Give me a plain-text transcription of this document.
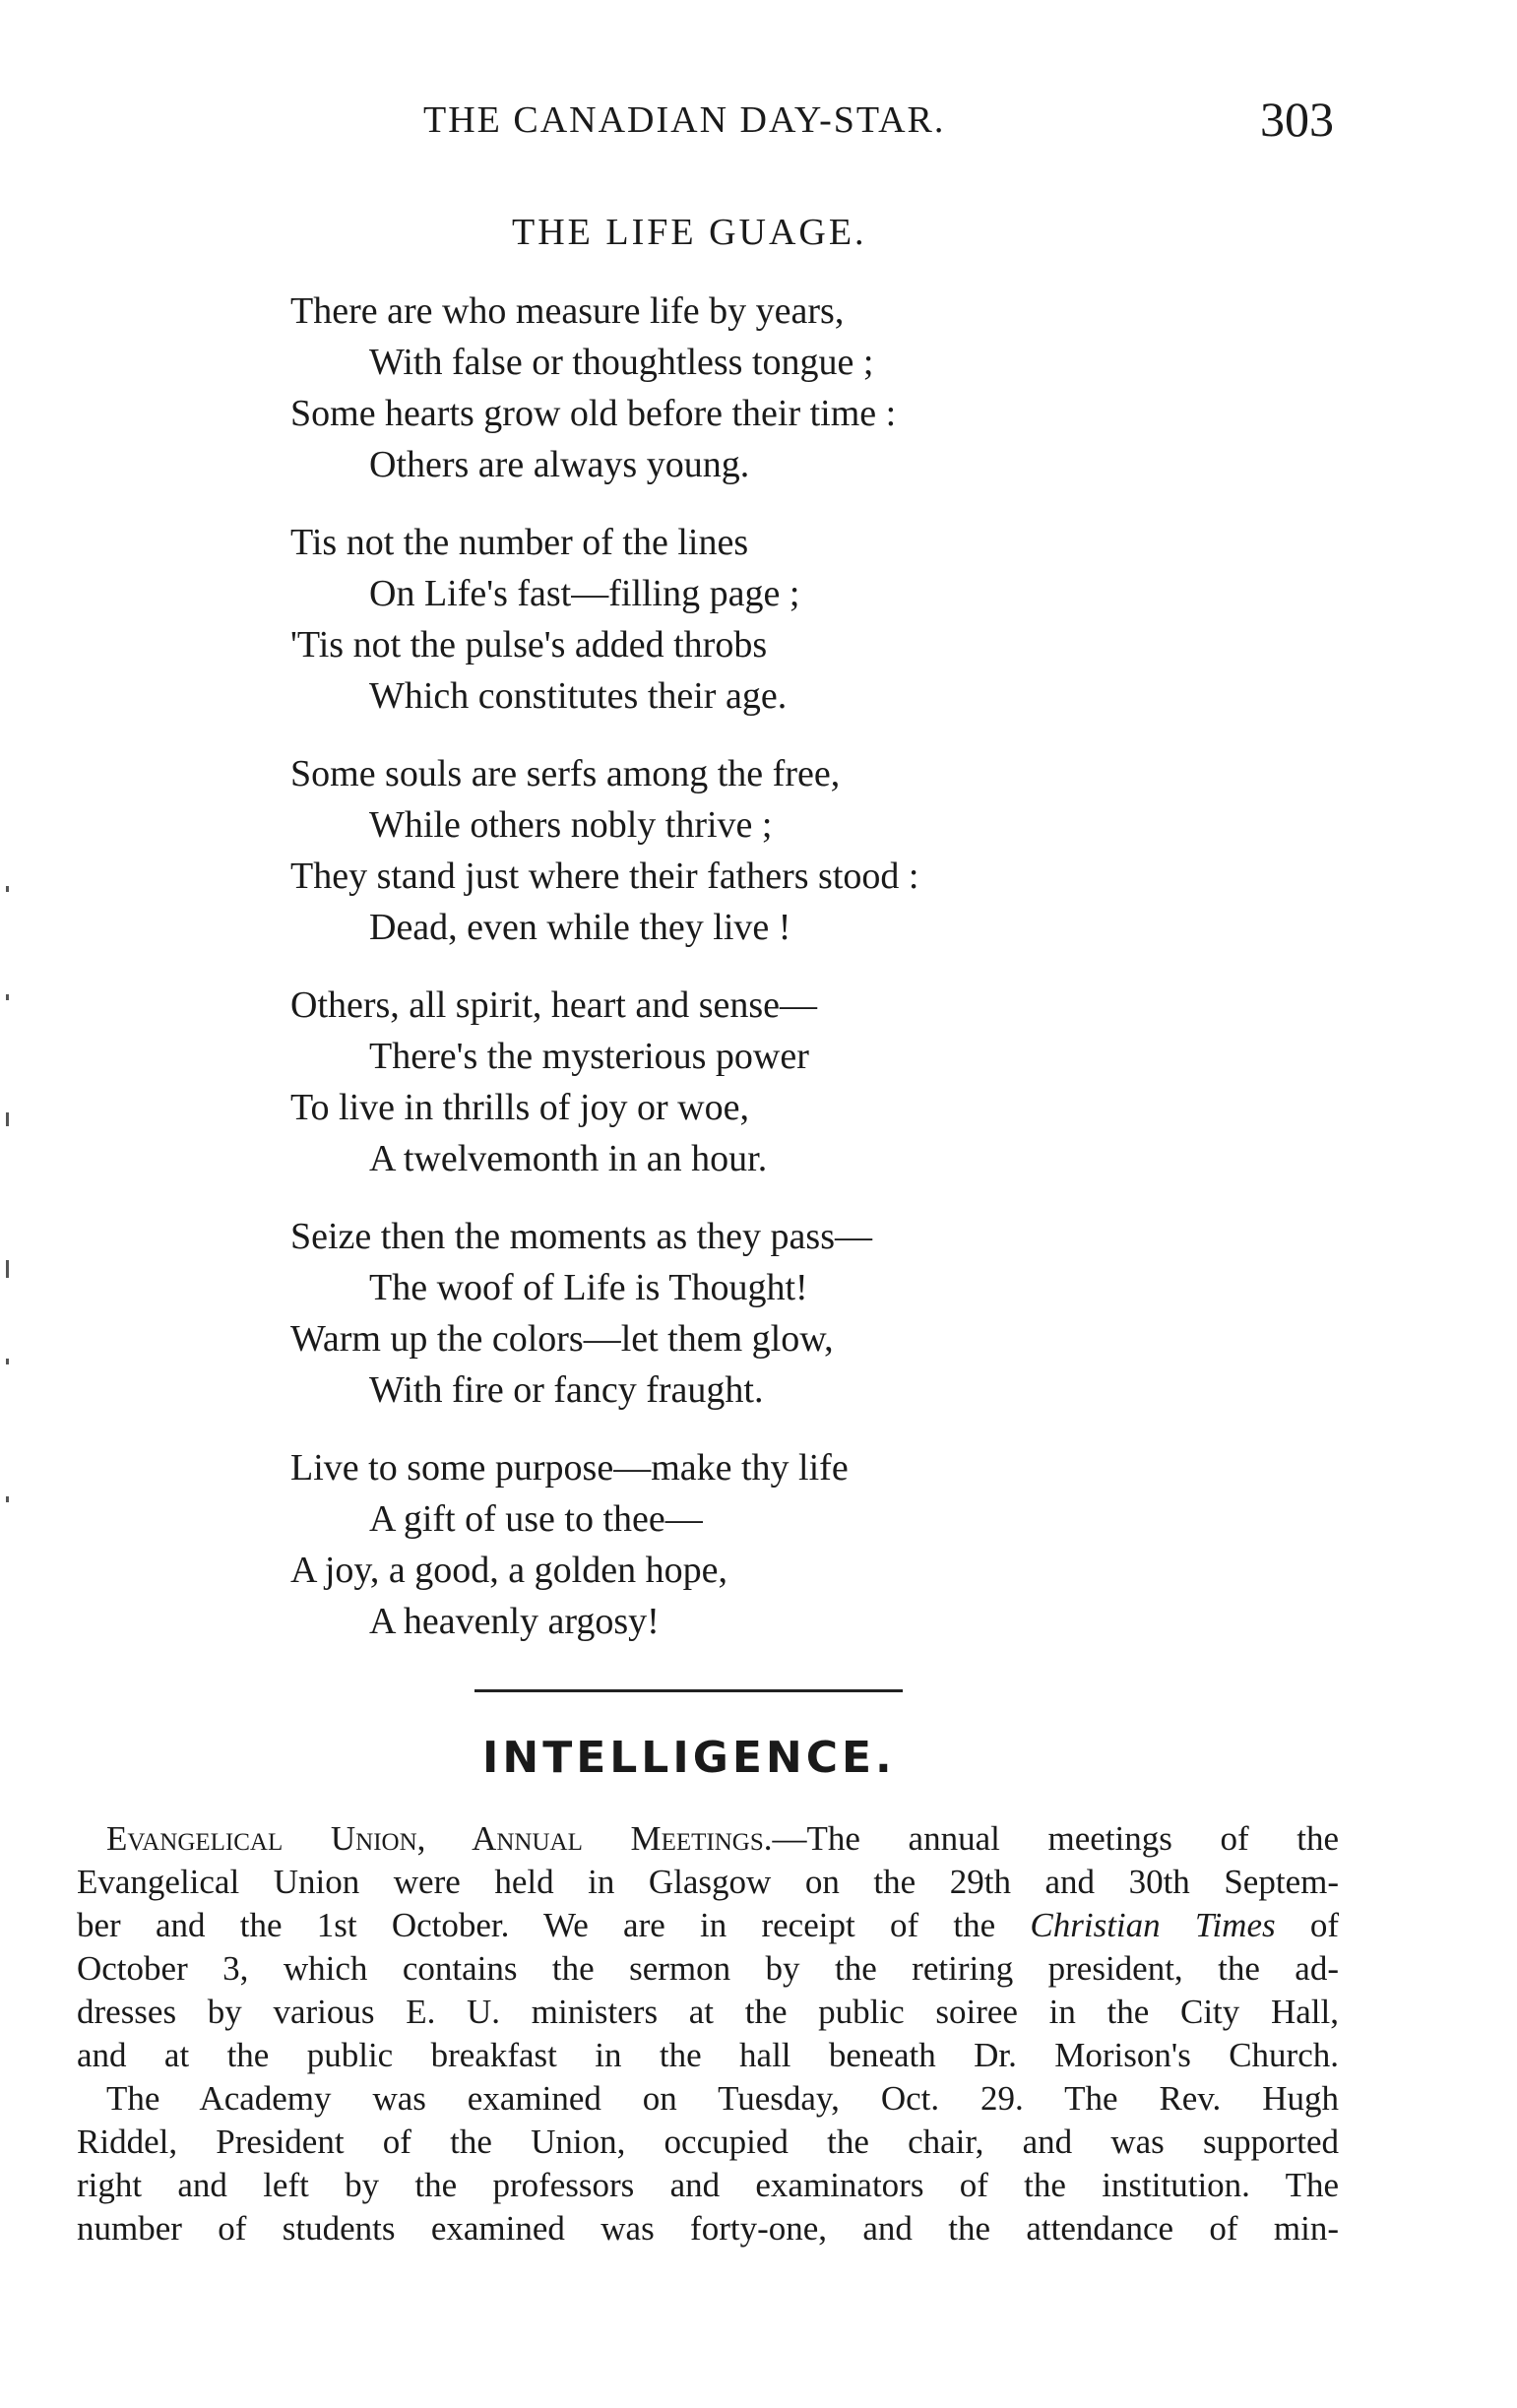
THE CANADIAN DAY-STAR.	303
THE LIFE GUAGE.
There are who measure life by years,
With false or thoughtless tongue ;
Some hearts grow old before their time :
Others are always young.
Tis not the number of the lines
On Life's fast—filling page ;
'Tis not the pulse's added throbs
Which constitutes their age.
Some souls are serfs among the free,
While others nobly thrive ;
They stand just where their fathers stood :
Dead, even while they live !
Others, all spirit, heart and sense—
There's the mysterious power
To live in thrills of joy or woe,
A twelvemonth in an hour.
Seize then the moments as they pass—
The woof of Life is Thought!
Warm up the colors—let them glow,
With fire or fancy fraught.
Live to some purpose—make thy life
A gift of use to thee—
A joy, a good, a golden hope,
A heavenly argosy!
INTELLIGENCE.
Evangelical Union, Annual Meetings.—The annual meetings of the
Evangelical Union were held in Glasgow on the 29th and 30th Septem-
ber and the 1st October. We are in receipt of the Christian Times of
October 3, which contains the sermon by the retiring president, the ad-
dresses by various E. U. ministers at the public soiree in the City Hall,
and at the public breakfast in the hall beneath Dr. Morison's Church.
The Academy was examined on Tuesday, Oct. 29. The Rev. Hugh
Riddel, President of the Union, occupied the chair, and was supported
right and left by the professors and examinators of the institution. The
number of students examined was forty-one, and the attendance of min-
